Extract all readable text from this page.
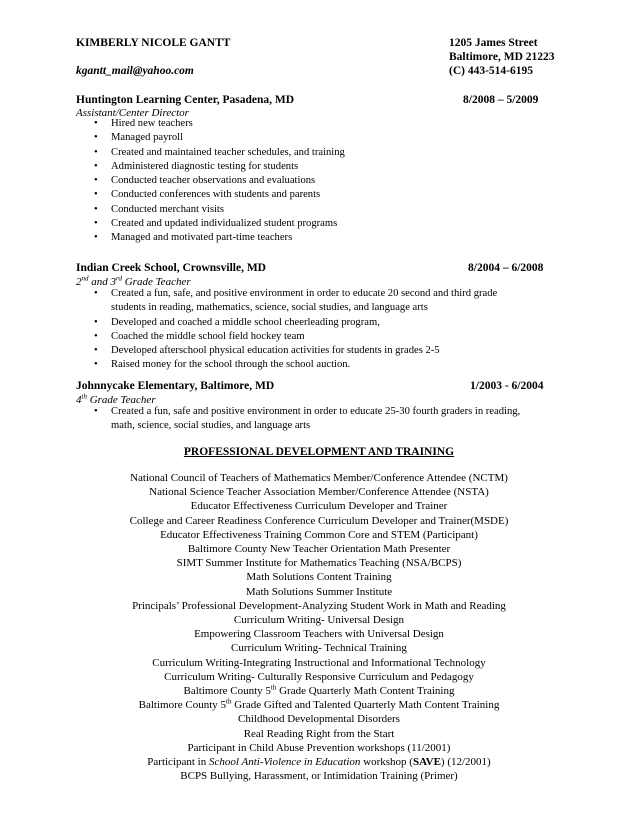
KIMBERLY NICOLE GANTT	1205 James Street
Baltimore, MD 21223
kgantt_mail@yahoo.com	(C) 443-514-6195
Huntington Learning Center, Pasadena, MD	8/2008 – 5/2009
Assistant/Center Director
• Hired new teachers
• Managed payroll
• Created and maintained teacher schedules, and training
• Administered diagnostic testing for students
• Conducted teacher observations and evaluations
• Conducted conferences with students and parents
• Conducted merchant visits
• Created and updated individualized student programs
• Managed and motivated part-time teachers
Indian Creek School, Crownsville, MD	8/2004 – 6/2008
2nd and 3rd Grade Teacher
• Created a fun, safe, and positive environment in order to educate 20 second and third grade students in reading, mathematics, science, social studies, and language arts
• Developed and coached a middle school cheerleading program,
• Coached the middle school field hockey team
• Developed afterschool physical education activities for students in grades 2-5
• Raised money for the school through the school auction.
Johnnycake Elementary, Baltimore, MD	1/2003 - 6/2004
4th Grade Teacher
• Created a fun, safe and positive environment in order to educate 25-30 fourth graders in reading, math, science, social studies, and language arts
PROFESSIONAL DEVELOPMENT AND TRAINING
National Council of Teachers of Mathematics Member/Conference Attendee (NCTM)
National Science Teacher Association Member/Conference Attendee (NSTA)
Educator Effectiveness Curriculum Developer and Trainer
College and Career Readiness Conference Curriculum Developer and Trainer(MSDE)
Educator Effectiveness Training Common Core and STEM (Participant)
Baltimore County New Teacher Orientation Math Presenter
SIMT Summer Institute for Mathematics Teaching (NSA/BCPS)
Math Solutions Content Training
Math Solutions Summer Institute
Principals’ Professional Development-Analyzing Student Work in Math and Reading
Curriculum Writing- Universal Design
Empowering Classroom Teachers with Universal Design
Curriculum Writing- Technical Training
Curriculum Writing-Integrating Instructional and Informational Technology
Curriculum Writing- Culturally Responsive Curriculum and Pedagogy
Baltimore County 5th Grade Quarterly Math Content Training
Baltimore County 5th Grade Gifted and Talented Quarterly Math Content Training
Childhood Developmental Disorders
Real Reading Right from the Start
Participant in Child Abuse Prevention workshops (11/2001)
Participant in School Anti-Violence in Education workshop (SAVE) (12/2001)
BCPS Bullying, Harassment, or Intimidation Training (Primer)
